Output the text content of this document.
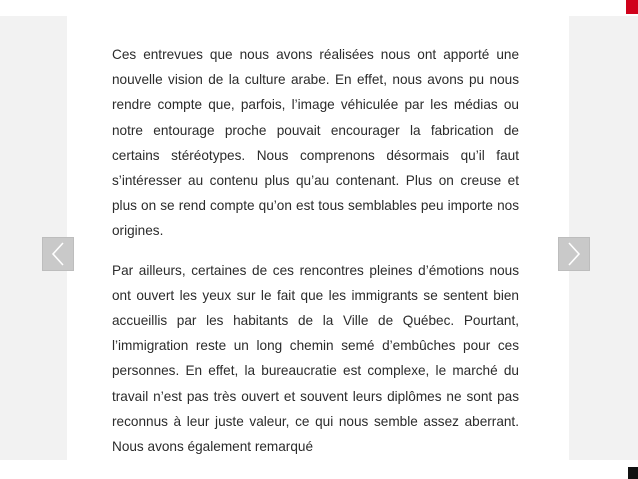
Ces entrevues que nous avons réalisées nous ont apporté une nouvelle vision de la culture arabe. En effet, nous avons pu nous rendre compte que, parfois, l’image véhiculée par les médias ou notre entourage proche pouvait encourager la fabrication de certains stéréotypes. Nous comprenons désormais qu’il faut s’intéresser au contenu plus qu’au contenant. Plus on creuse et plus on se rend compte qu’on est tous semblables peu importe nos origines.

Par ailleurs, certaines de ces rencontres pleines d’émotions nous ont ouvert les yeux sur le fait que les immigrants se sentent bien accueillis par les habitants de la Ville de Québec. Pourtant, l’immigration reste un long chemin semé d’embûches pour ces personnes. En effet, la bureaucratie est complexe, le marché du travail n’est pas très ouvert et souvent leurs diplômes ne sont pas reconnus à leur juste valeur, ce qui nous semble assez aberrant. Nous avons également remarqué
